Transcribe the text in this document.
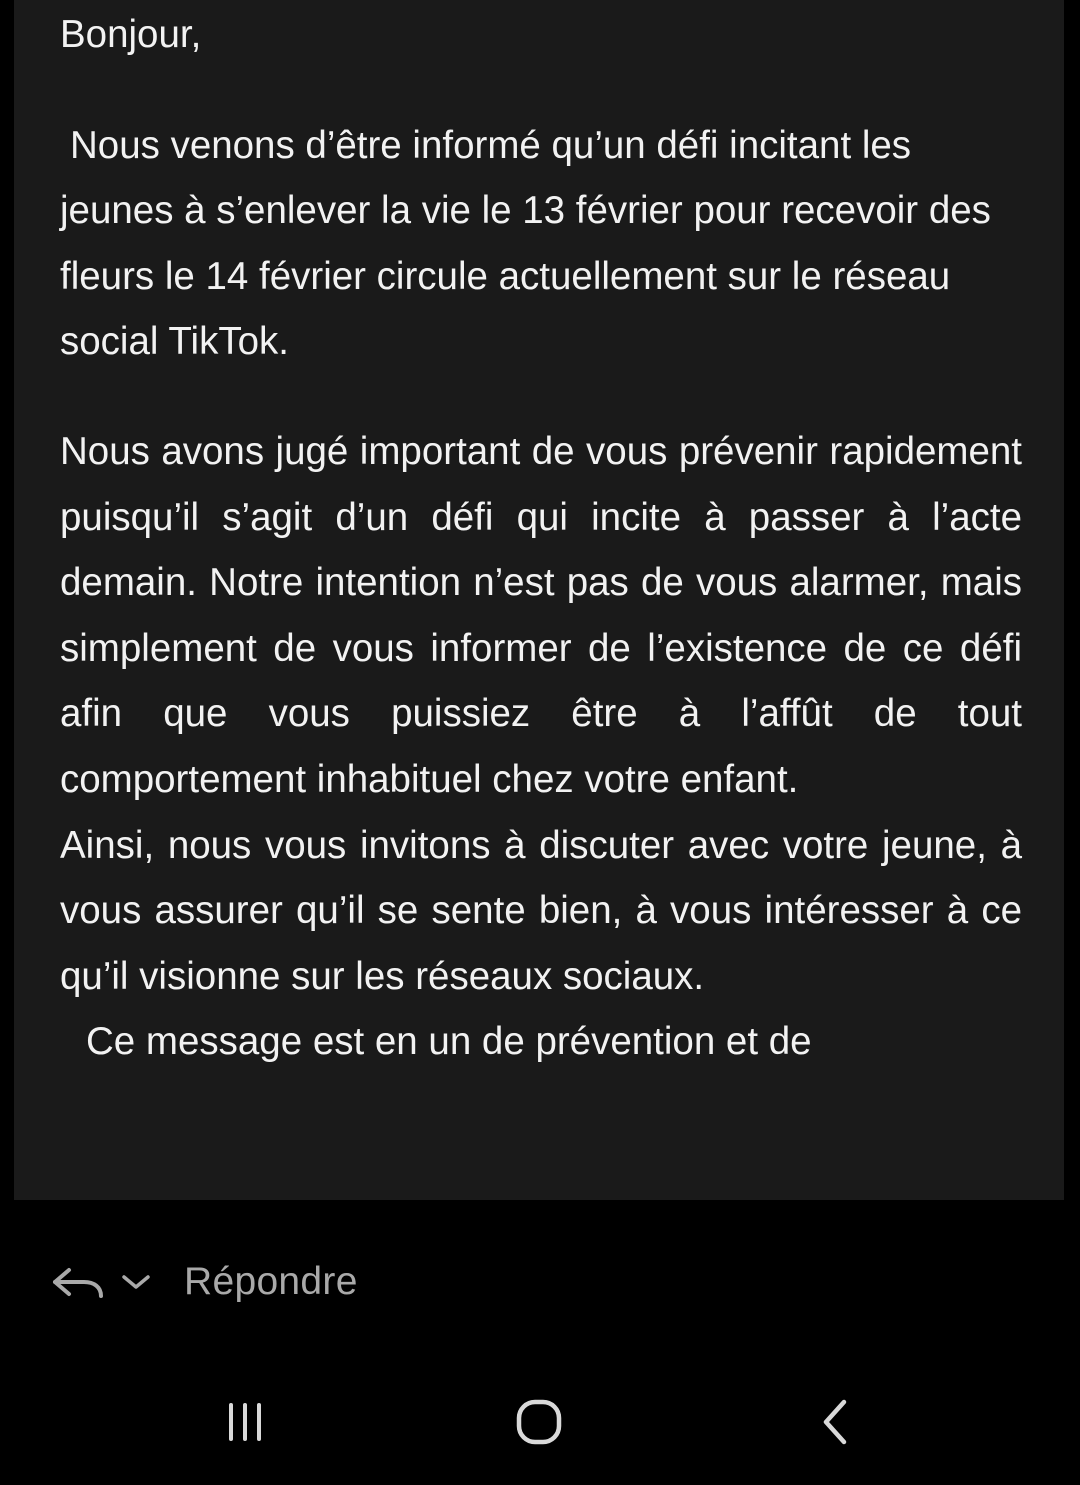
Bonjour,

Nous venons d’être informé qu’un défi incitant les jeunes à s’enlever la vie le 13 février pour recevoir des fleurs le 14 février circule actuellement sur le réseau social TikTok.

Nous avons jugé important de vous prévenir rapidement puisqu’il s’agit d’un défi qui incite à passer à l’acte demain. Notre intention n’est pas de vous alarmer, mais simplement de vous informer de l’existence de ce défi afin que vous puissiez être à l’affût de tout comportement inhabituel chez votre enfant.

Ainsi, nous vous invitons à discuter avec votre jeune, à vous assurer qu’il se sente bien, à vous intéresser à ce qu’il visionne sur les réseaux sociaux.

Ce message est en un de prévention et de

Répondre
